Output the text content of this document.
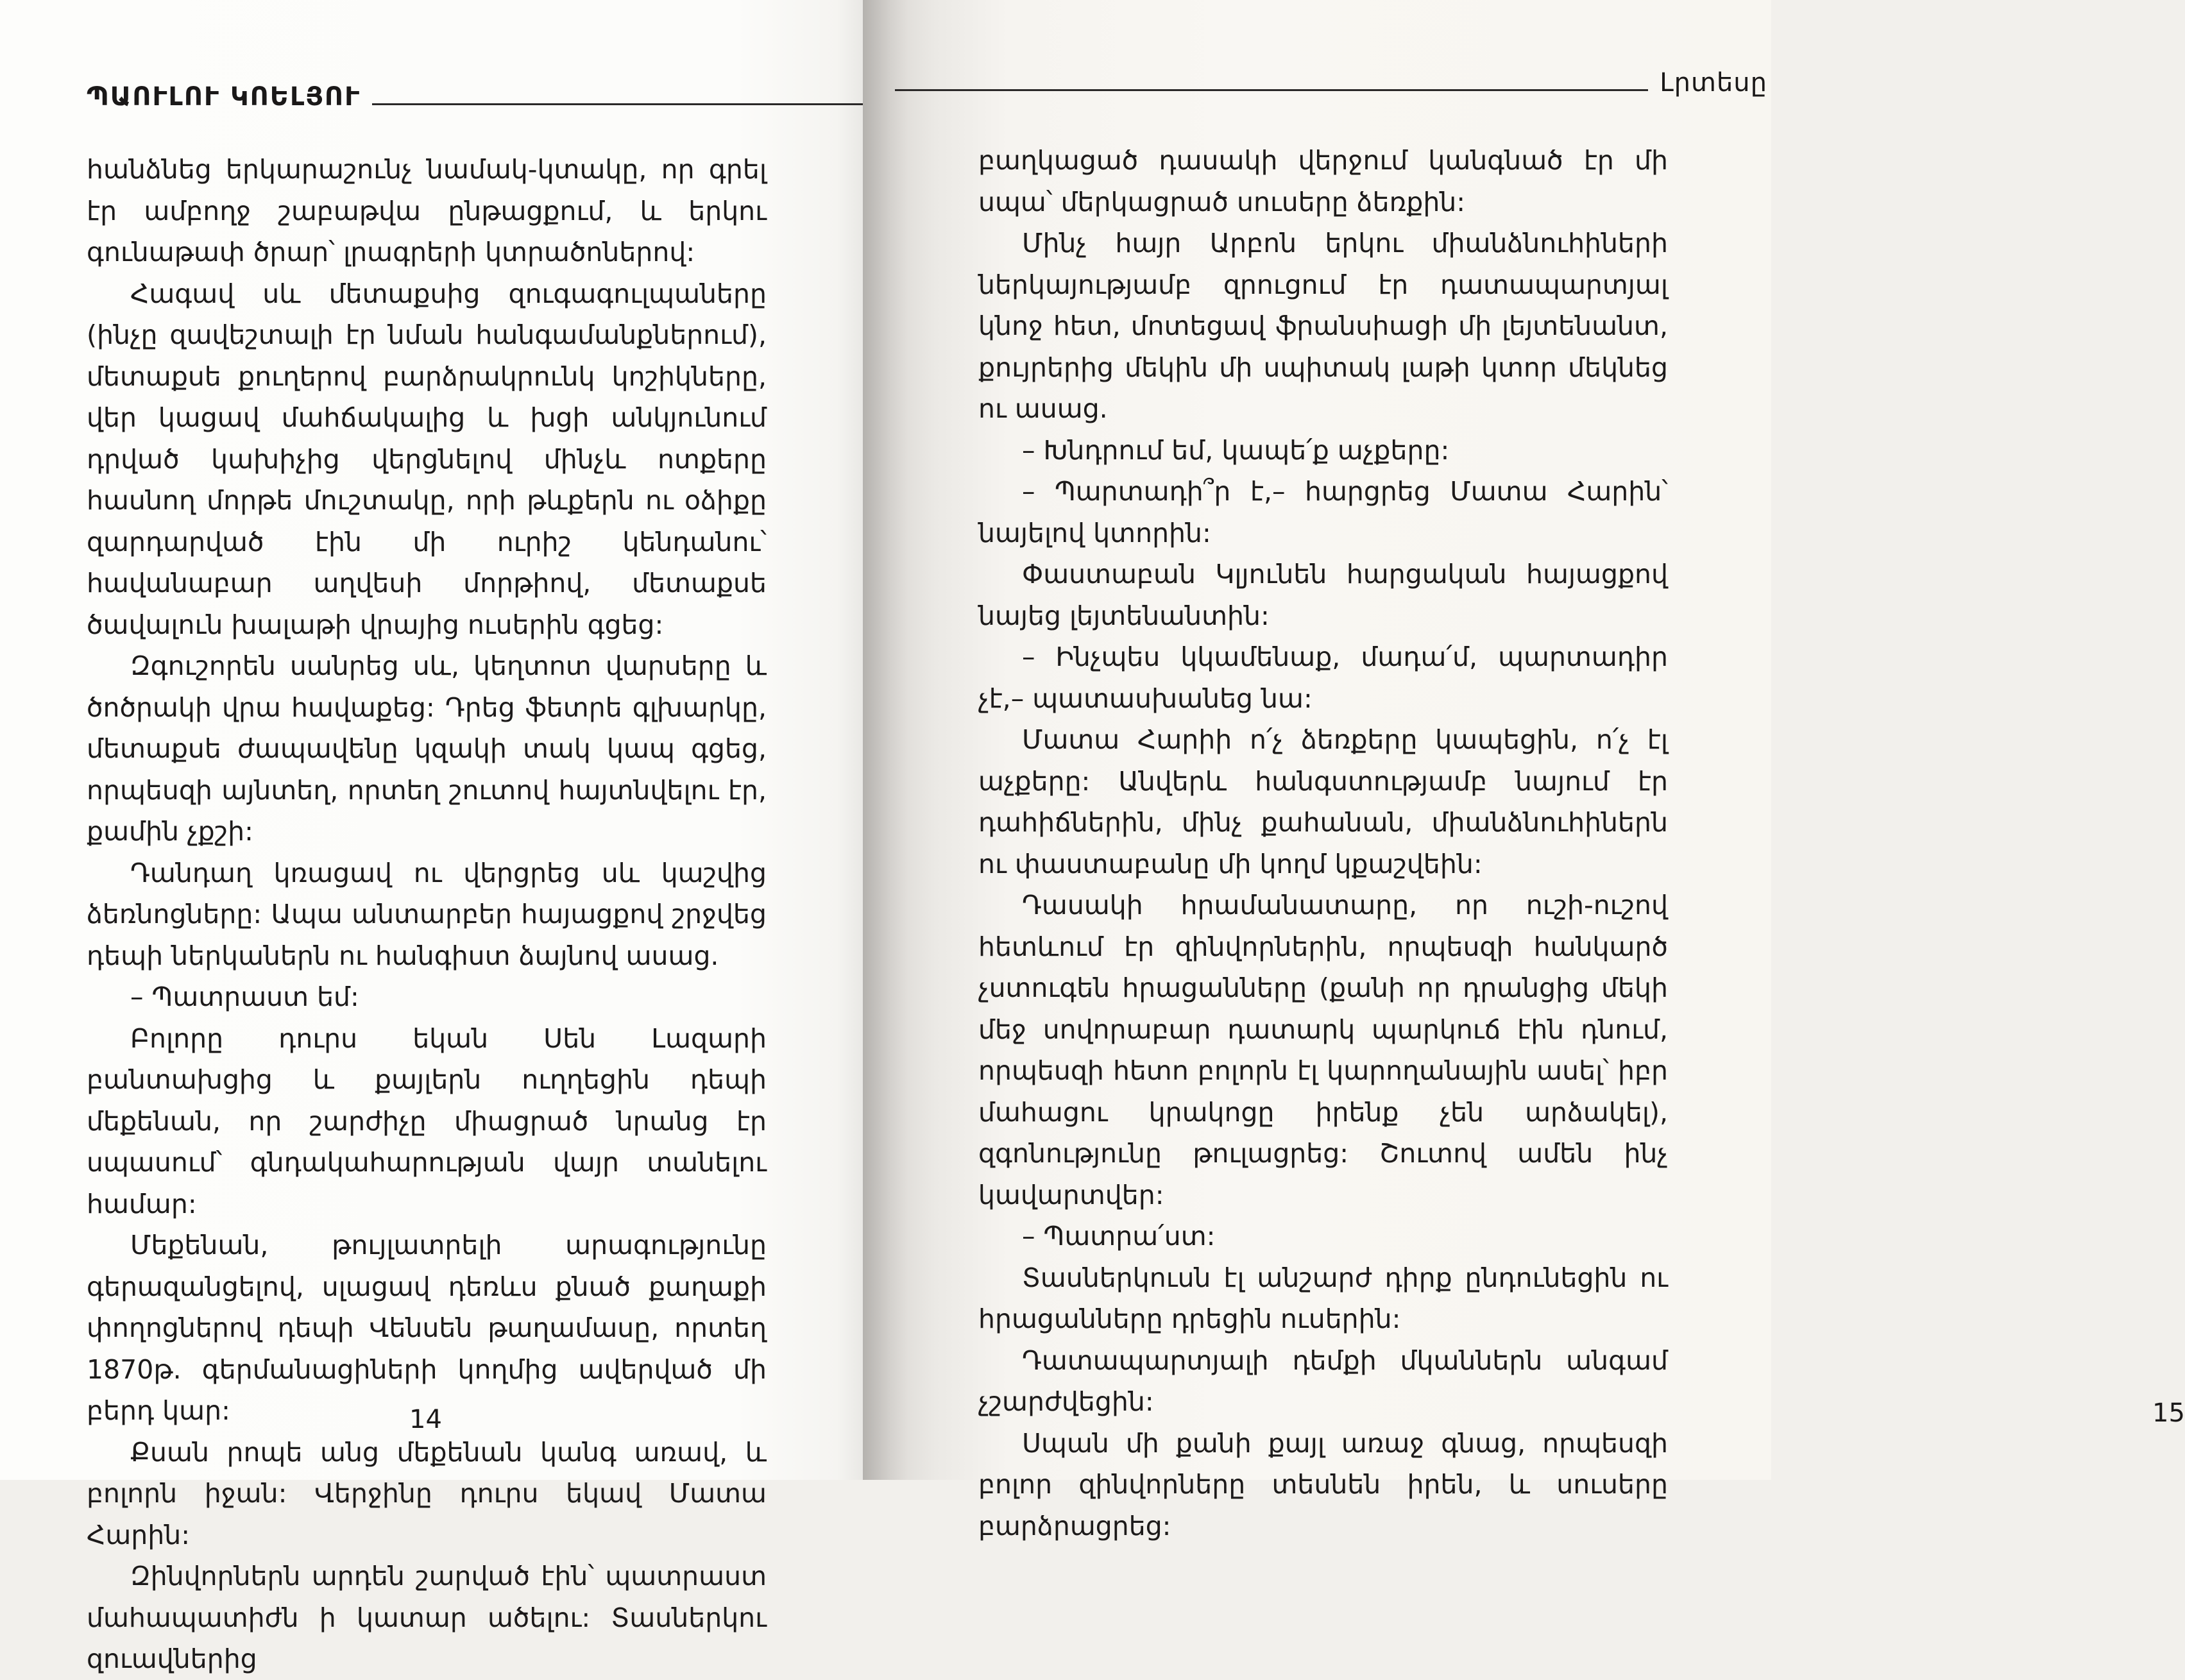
ՊԱՈՒԼՈՒ ԿՈԵԼՅՈՒ

հանձնեց երկարաշունչ նամակ-կտակը, որ գրել էր ամբողջ շաբաթվա ընթացքում, և երկու գունաթափ ծրար՝ լրագրերի կտրածոներով:

Հագավ սև մետաքսից զուգագուլպաները (ինչը զավեշտալի էր նման հանգամանքներում), մետաքսե քուղերով բարձրակրունկ կոշիկները, վեր կացավ մահճակալից և խցի անկյունում դրված կախիչից վերցնելով մինչև ոտքերը հասնող մորթե մուշտակը, որի թևքերն ու օձիքը զարդարված էին մի ուրիշ կենդանու՝ հավանաբար աղվեսի մորթիով, մետաքսե ծավալուն խալաթի վրայից ուսերին գցեց:

Զգուշորեն սանրեց սև, կեղտոտ վարսերը և ծոծրակի վրա հավաքեց: Դրեց ֆետրե գլխարկը, մետաքսե ժապավենը կզակի տակ կապ գցեց, որպեսզի այնտեղ, որտեղ շուտով հայտնվելու էր, քամին չքշի:

Դանդաղ կռացավ ու վերցրեց սև կաշվից ձեռնոցները: Ապա անտարբեր հայացքով շրջվեց դեպի ներկաներն ու հանգիստ ձայնով ասաց.

– Պատրաստ եմ:

Բոլորը դուրս եկան Սեն Լազարի բանտախցից և քայլերն ուղղեցին դեպի մեքենան, որ շարժիչը միացրած նրանց էր սպասում՝ գնդակահարության վայր տանելու համար:

Մեքենան, թույլատրելի արագությունը գերազանցելով, սլացավ դեռևս քնած քաղաքի փողոցներով դեպի Վենսեն թաղամասը, որտեղ 1870թ. գերմանացիների կողմից ավերված մի բերդ կար:

Քսան րոպե անց մեքենան կանգ առավ, և բոլորն իջան: Վերջինը դուրս եկավ Մատա Հարին:

Զինվորներն արդեն շարված էին՝ պատրաստ մահապատիժն ի կատար ածելու: Տասներկու զուավներից

14
Լրտեսը
15

բաղկացած դասակի վերջում կանգնած էր մի սպա՝ մերկացրած սուսերը ձեռքին:

Մինչ հայր Արբոն երկու միանձնուհիների ներկայությամբ զրուցում էր դատապարտյալ կնոջ հետ, մոտեցավ ֆրանսիացի մի լեյտենանտ, քույրերից մեկին մի սպիտակ լաթի կտոր մեկնեց ու ասաց.

– Խնդրում եմ, կապե՛ք աչքերը:

– Պարտադի՞ր է,– հարցրեց Մատա Հարին՝ նայելով կտորին:

Փաստաբան Կլյունեն հարցական հայացքով նայեց լեյտենանտին:

– Ինչպես կկամենաք, մադա՛մ, պարտադիր չէ,– պատասխանեց նա:

Մատա Հարիի ո՛չ ձեռքերը կապեցին, ո՛չ էլ աչքերը: Անվերև հանգստությամբ նայում էր դահիճներին, մինչ քահանան, միանձնուհիներն ու փաստաբանը մի կողմ կքաշվեին:

Դասակի հրամանատարը, որ ուշի-ուշով հետևում էր զինվորներին, որպեսզի հանկարծ չստուգեն հրացանները (քանի որ դրանցից մեկի մեջ սովորաբար դատարկ պարկուճ էին դնում, որպեսզի հետո բոլորն էլ կարողանային ասել՝ իբր մահացու կրակոցը իրենք չեն արձակել), զգոնությունը թուլացրեց: Շուտով ամեն ինչ կավարտվեր:

– Պատրա՛ստ:

Տասներկուսն էլ անշարժ դիրք ընդունեցին ու հրացանները դրեցին ուսերին:

Դատապարտյալի դեմքի մկաններն անգամ չշարժվեցին:

Սպան մի քանի քայլ առաջ գնաց, որպեսզի բոլոր զինվորները տեսնեն իրեն, և սուսերը բարձրացրեց:
